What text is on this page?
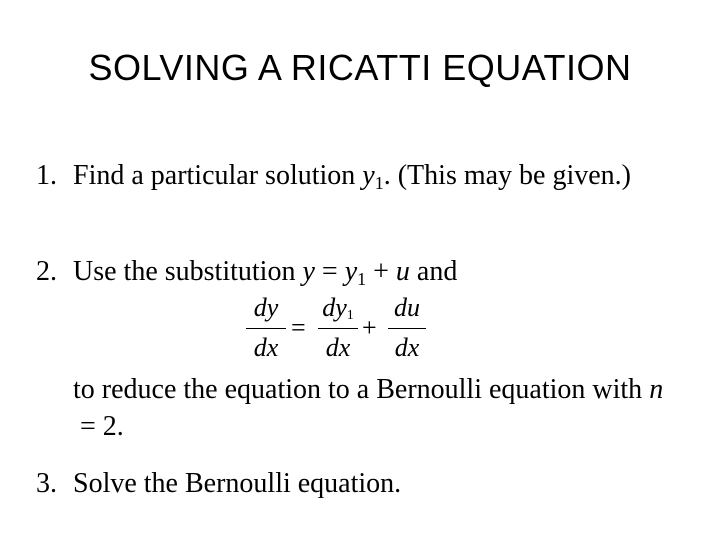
SOLVING A RICATTI EQUATION
1. Find a particular solution $y_1$. (This may be given.)
2. Use the substitution $y = y_1 + u$ and
dy
dx
=
$dy_1$
dx
+
du
dx
to reduce the equation to a Bernoulli equation with n = 2.
3. Solve the Bernoulli equation.
